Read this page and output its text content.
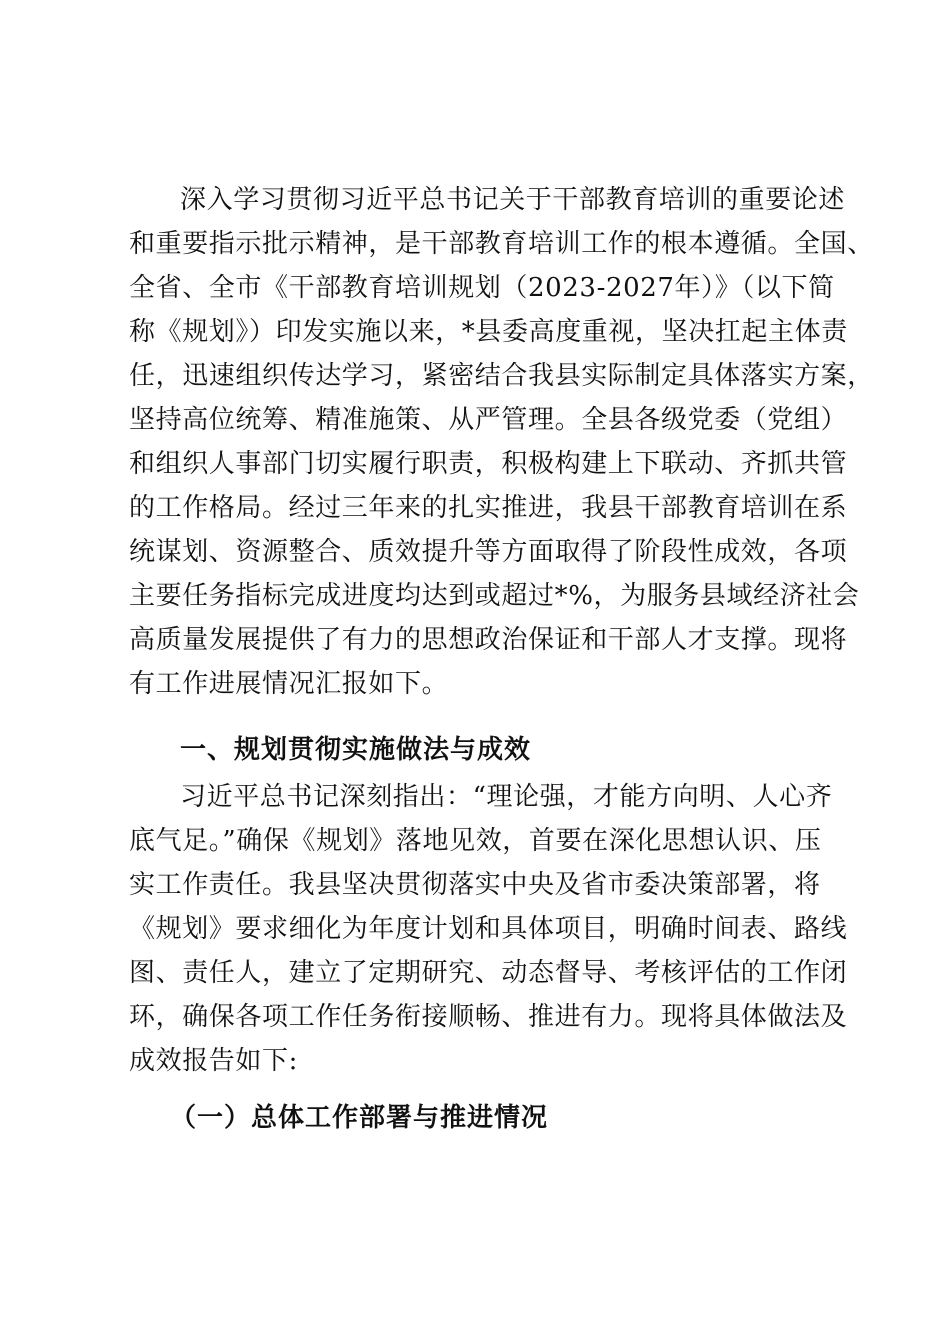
深入学习贯彻习近平总书记关于干部教育培训的重要论述
和重要指示批示精神，是干部教育培训工作的根本遵循。全国、
全省、全市《干部教育培训规划（2023-2027年）》（以下简
称《规划》）印发实施以来，*县委高度重视，坚决扛起主体责
任，迅速组织传达学习，紧密结合我县实际制定具体落实方案，
坚持高位统筹、精准施策、从严管理。全县各级党委（党组）
和组织人事部门切实履行职责，积极构建上下联动、齐抓共管
的工作格局。经过三年来的扎实推进，我县干部教育培训在系
统谋划、资源整合、质效提升等方面取得了阶段性成效，各项
主要任务指标完成进度均达到或超过*%，为服务县域经济社会
高质量发展提供了有力的思想政治保证和干部人才支撑。现将
有工作进展情况汇报如下。
一、规划贯彻实施做法与成效
习近平总书记深刻指出：“理论强，才能方向明、人心齐
底气足。”确保《规划》落地见效，首要在深化思想认识、压
实工作责任。我县坚决贯彻落实中央及省市委决策部署，将
《规划》要求细化为年度计划和具体项目，明确时间表、路线
图、责任人，建立了定期研究、动态督导、考核评估的工作闭
环，确保各项工作任务衔接顺畅、推进有力。现将具体做法及
成效报告如下:
（一）总体工作部署与推进情况
